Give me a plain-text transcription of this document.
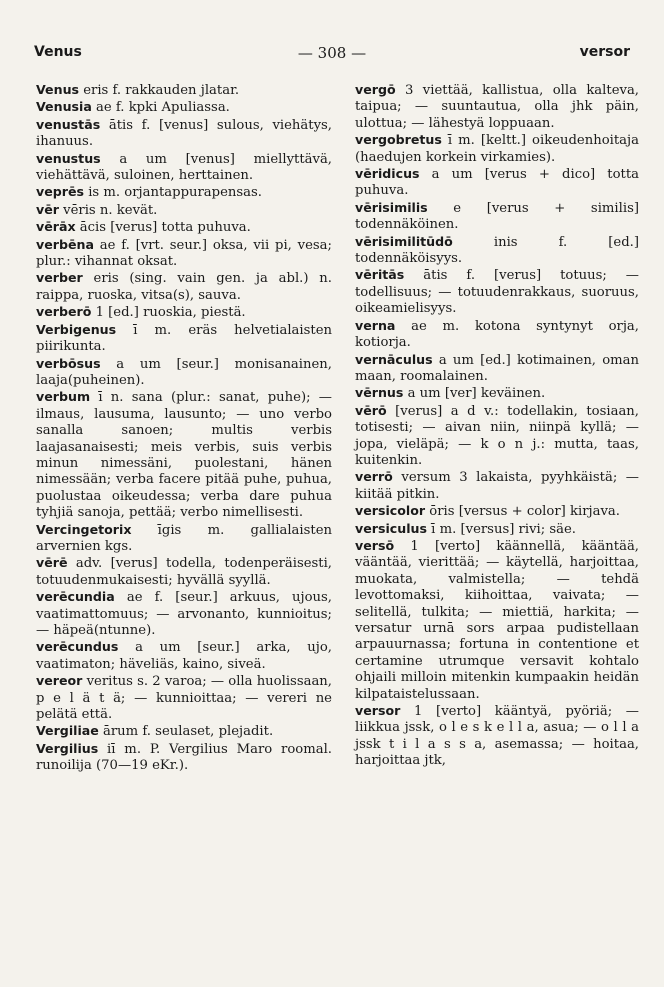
Venus	— 308 —	versor

Venus eris f. rakkauden jlatar.

Venusia ae f. kpki Apuliassa.

venustās ātis f. [venus] sulous, viehätys, ihanuus.

venustus a um [venus] miellyttävä, viehättävä, suloinen, herttainen.

veprēs is m. orjantappurapensas.

vēr vēris n. kevät.

vērāx ācis [verus] totta puhuva.

verbēna ae f. [vrt. seur.] oksa, vii pi, vesa; plur.: vihannat oksat.

verber eris (sing. vain gen. ja abl.) n. raippa, ruoska, vitsa(s), sauva.

verberō 1 [ed.] ruoskia, piestä.

Verbigenus ī m. eräs helvetialaisten piirikunta.

verbōsus a um [seur.] monisanainen, laaja(puheinen).

verbum ī n. sana (plur.: sanat, puhe); — ilmaus, lausuma, lausunto; — uno verbo sanalla sanoen; multis verbis laajasanaisesti; meis verbis, suis verbis minun nimessäni, puolestani, hänen nimessään; verba facere pitää puhe, puhua, puolustaa oikeudessa; verba dare puhua tyhjiä sanoja, pettää; verbo nimellisesti.

Vercingetorix īgis m. gallialaisten arvernien kgs.

vērē adv. [verus] todella, todenperäisesti, totuudenmukaisesti; hyvällä syyllä.

verēcundia ae f. [seur.] arkuus, ujous, vaatimattomuus; — arvonanto, kunnioitus; — häpeä(ntunne).

verēcundus a um [seur.] arka, ujo, vaatimaton; häveliäs, kaino, siveä.

vereor veritus s. 2 varoa; — olla huolissaan, p e l ä t ä; — kunnioittaa; — vereri ne pelätä että.

Vergiliae ārum f. seulaset, plejadit.

Vergilius iī m. P. Vergilius Maro roomal. runoilija (70—19 eKr.).

vergō 3 viettää, kallistua, olla kalteva, taipua; — suuntautua, olla jhk päin, ulottua; — lähestyä loppuaan.

vergobretus ī m. [keltt.] oikeudenhoitaja (haedujen korkein virkamies).

vēridicus a um [verus + dico] totta puhuva.

vērisimilis e [verus + similis] todennäköinen.

vērisimilitūdō inis f. [ed.] todennäköisyys.

vēritās ātis f. [verus] totuus; — todellisuus; — totuudenrakkaus, suoruus, oikeamielisyys.

verna ae m. kotona syntynyt orja, kotiorja.

vernāculus a um [ed.] kotimainen, oman maan, roomalainen.

vērnus a um [ver] keväinen.

vērō [verus] a d v.: todellakin, tosiaan, totisesti; — aivan niin, niinpä kyllä; — jopa, vieläpä; — k o n j.: mutta, taas, kuitenkin.

verrō versum 3 lakaista, pyyhkäistä; — kiitää pitkin.

versicolor ōris [versus + color] kirjava.

versiculus ī m. [versus] rivi; säe.

versō 1 [verto] käännellä, kääntää, vääntää, vierittää; — käytellä, harjoittaa, muokata, valmistella; — tehdä levottomaksi, kiihoittaa, vaivata; — selitellä, tulkita; — miettiä, harkita; — versatur urnā sors arpaa pudistellaan arpauurnassa; fortuna in contentione et certamine utrumque versavit kohtalo ohjaili milloin mitenkin kumpaakin heidän kilpataistelussaan.

versor 1 [verto] kääntyä, pyöriä; — liikkua jssk, o l e s k e l l a, asua; — o l l a jssk t i l a s s a, asemassa; — hoitaa, harjoittaa jtk,
